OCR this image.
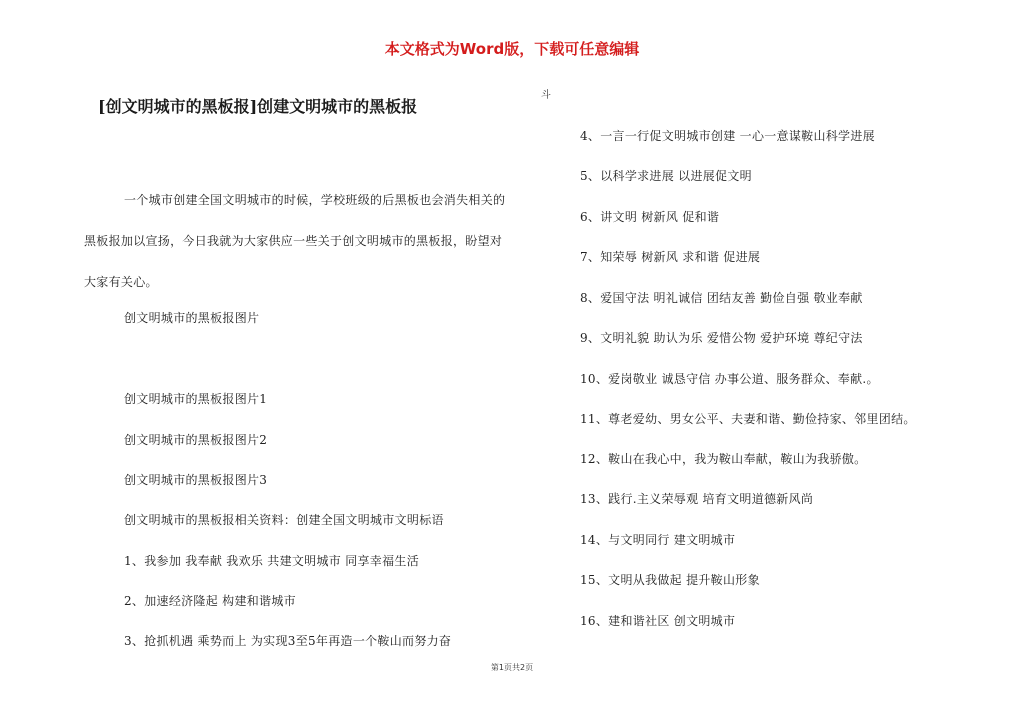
本文格式为Word版，下载可任意编辑
[创文明城市的黑板报]创建文明城市的黑板报
斗

一个城市创建全国文明城市的时候，学校班级的后黑板也会消失相关的黑板报加以宣扬，今日我就为大家供应一些关于创文明城市的黑板报，盼望对大家有关心。

创文明城市的黑板报图片
创文明城市的黑板报图片1
创文明城市的黑板报图片2
创文明城市的黑板报图片3
创文明城市的黑板报相关资料：创建全国文明城市文明标语
1、我参加 我奉献 我欢乐 共建文明城市 同享幸福生活
2、加速经济隆起 构建和谐城市
3、抢抓机遇 乘势而上 为实现3至5年再造一个鞍山而努力奋
4、一言一行促文明城市创建 一心一意谋鞍山科学进展
5、以科学求进展 以进展促文明
6、讲文明 树新风 促和谐
7、知荣辱 树新风 求和谐 促进展
8、爱国守法 明礼诚信 团结友善 勤俭自强 敬业奉献
9、文明礼貌 助认为乐 爱惜公物 爱护环境 尊纪守法
10、爱岗敬业 诚恳守信 办事公道、服务群众、奉献.。
11、尊老爱幼、男女公平、夫妻和谐、勤俭持家、邻里团结。
12、鞍山在我心中，我为鞍山奉献，鞍山为我骄傲。
13、践行.主义荣辱观 培育文明道德新风尚
14、与文明同行 建文明城市
15、文明从我做起 提升鞍山形象
16、建和谐社区 创文明城市
第1页共2页
